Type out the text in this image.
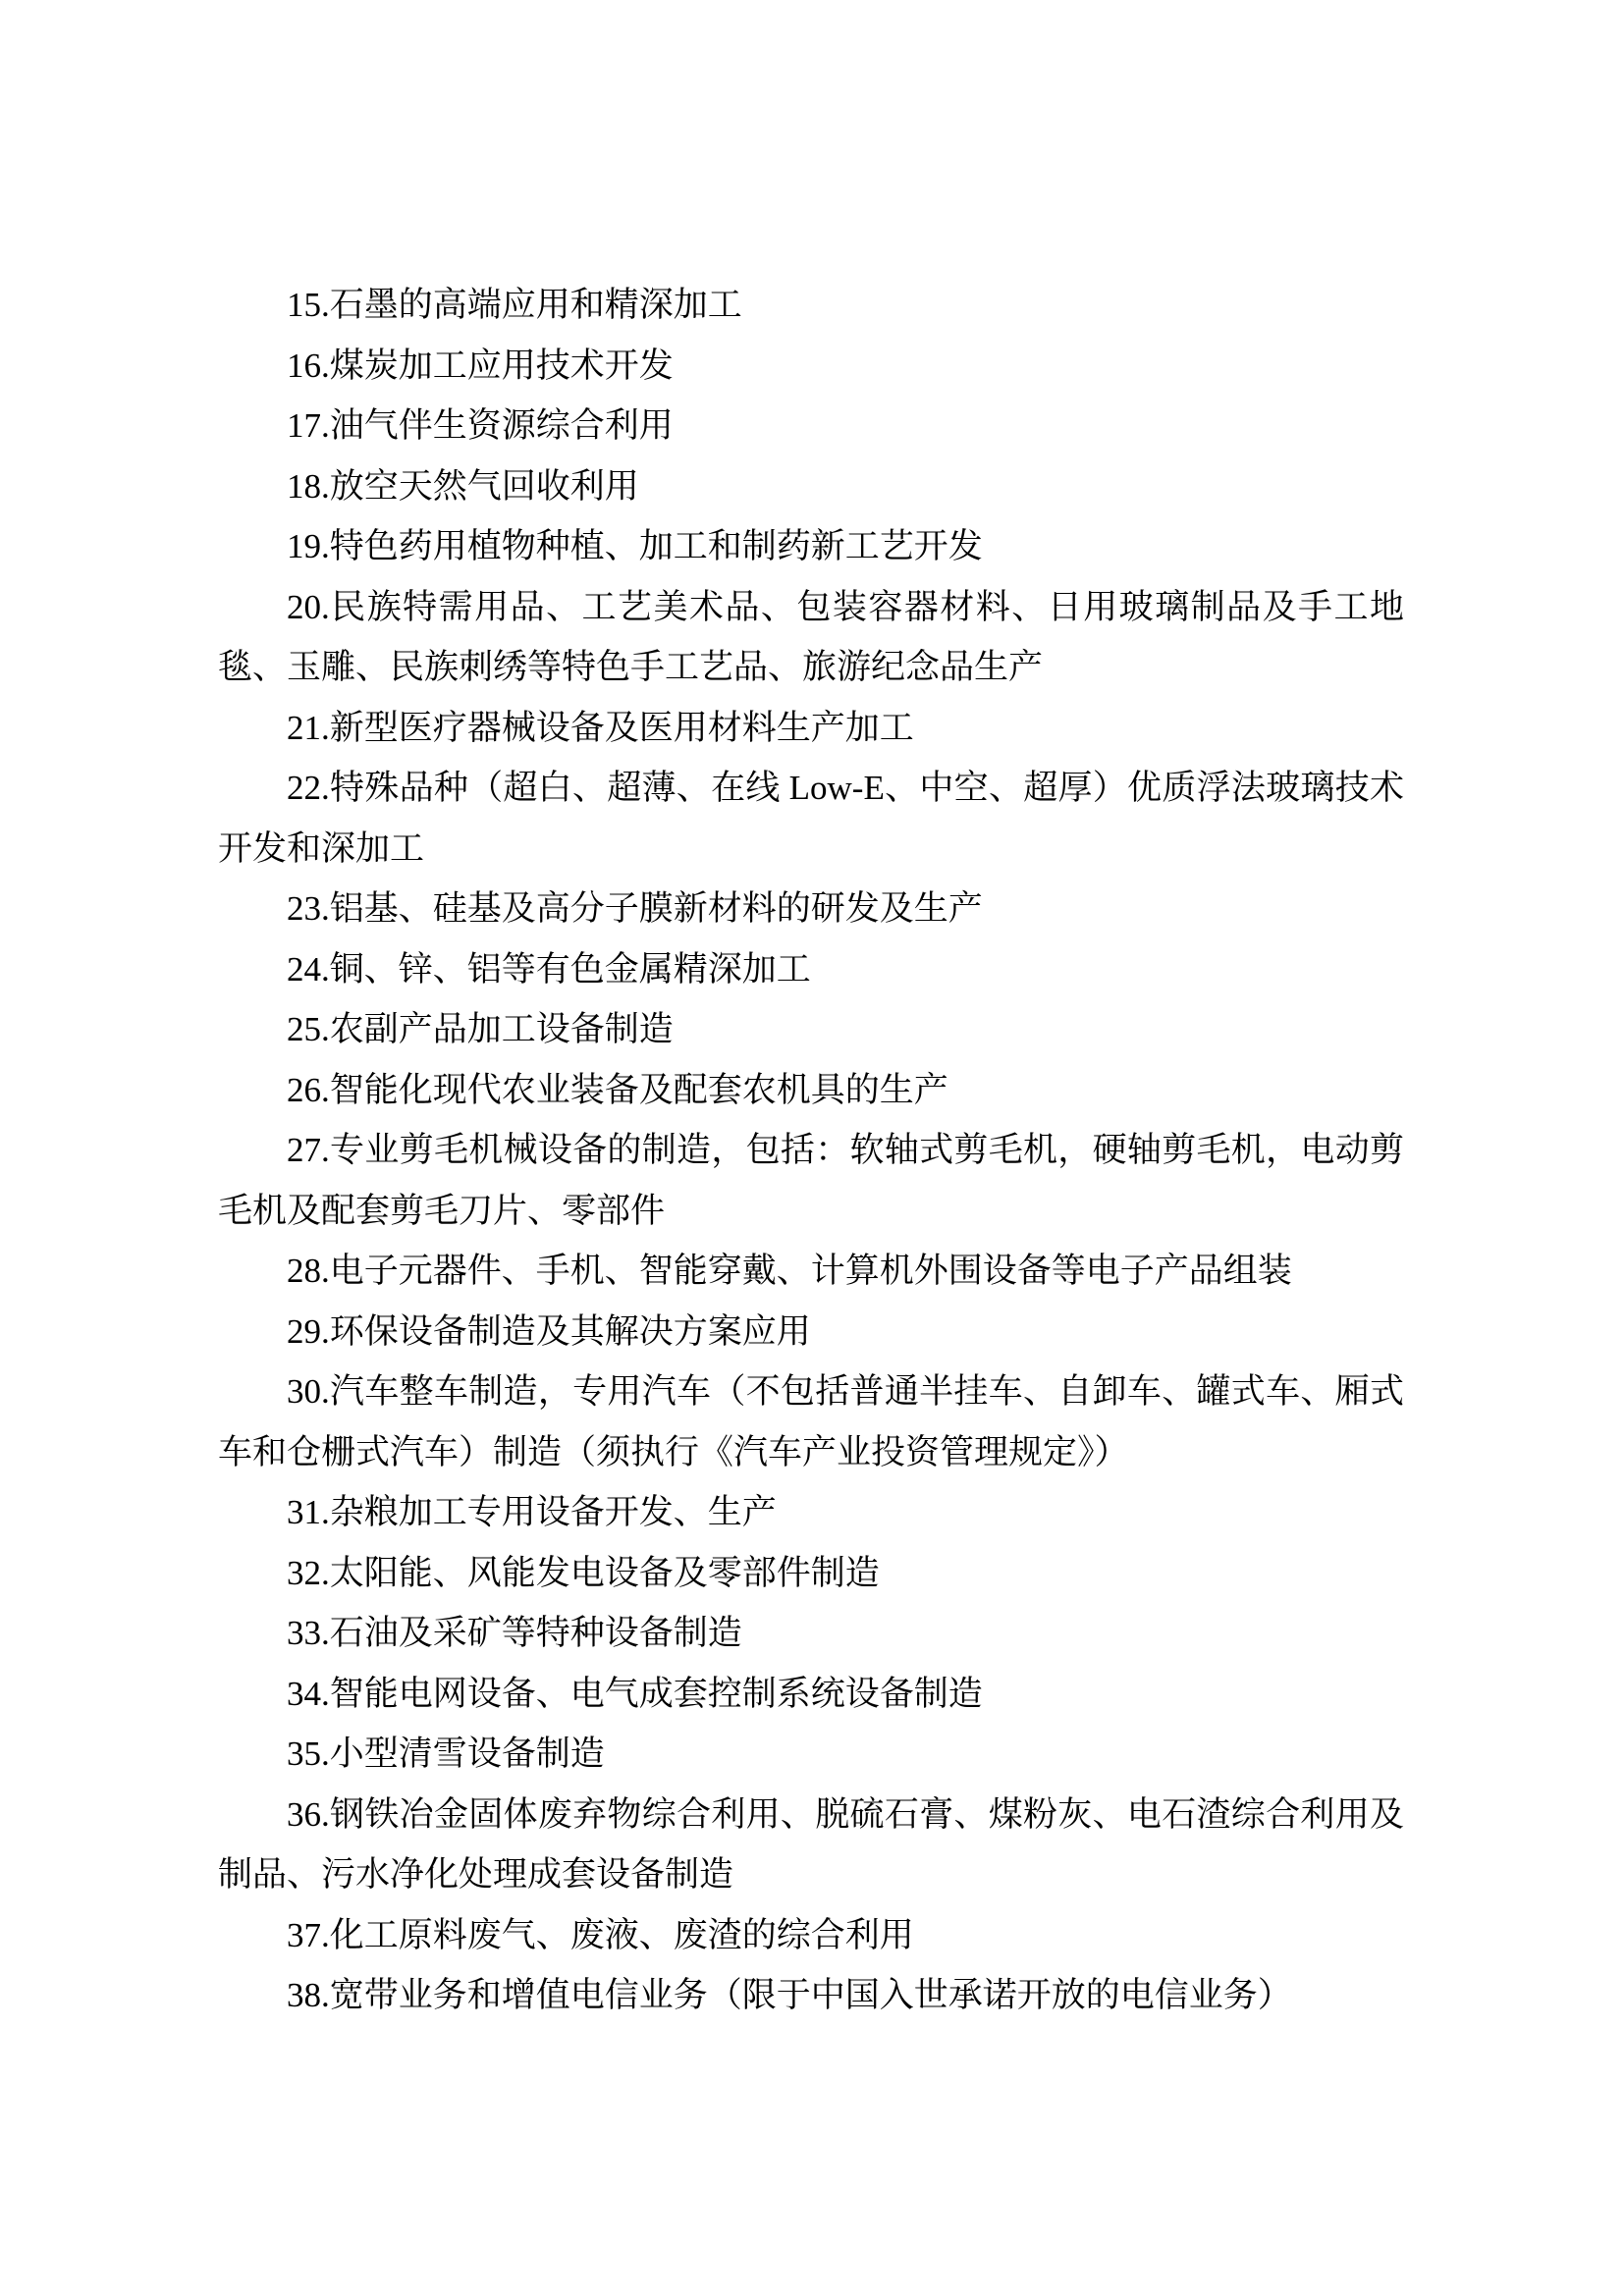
15.石墨的高端应用和精深加工

16.煤炭加工应用技术开发

17.油气伴生资源综合利用

18.放空天然气回收利用

19.特色药用植物种植、加工和制药新工艺开发

20.民族特需用品、工艺美术品、包装容器材料、日用玻璃制品及手工地毯、玉雕、民族刺绣等特色手工艺品、旅游纪念品生产

21.新型医疗器械设备及医用材料生产加工

22.特殊品种（超白、超薄、在线 Low-E、中空、超厚）优质浮法玻璃技术开发和深加工

23.铝基、硅基及高分子膜新材料的研发及生产

24.铜、锌、铝等有色金属精深加工

25.农副产品加工设备制造

26.智能化现代农业装备及配套农机具的生产

27.专业剪毛机械设备的制造，包括：软轴式剪毛机，硬轴剪毛机，电动剪毛机及配套剪毛刀片、零部件

28.电子元器件、手机、智能穿戴、计算机外围设备等电子产品组装

29.环保设备制造及其解决方案应用

30.汽车整车制造，专用汽车（不包括普通半挂车、自卸车、罐式车、厢式车和仓栅式汽车）制造（须执行《汽车产业投资管理规定》）

31.杂粮加工专用设备开发、生产

32.太阳能、风能发电设备及零部件制造

33.石油及采矿等特种设备制造

34.智能电网设备、电气成套控制系统设备制造

35.小型清雪设备制造

36.钢铁冶金固体废弃物综合利用、脱硫石膏、煤粉灰、电石渣综合利用及制品、污水净化处理成套设备制造

37.化工原料废气、废液、废渣的综合利用

38.宽带业务和增值电信业务（限于中国入世承诺开放的电信业务）
